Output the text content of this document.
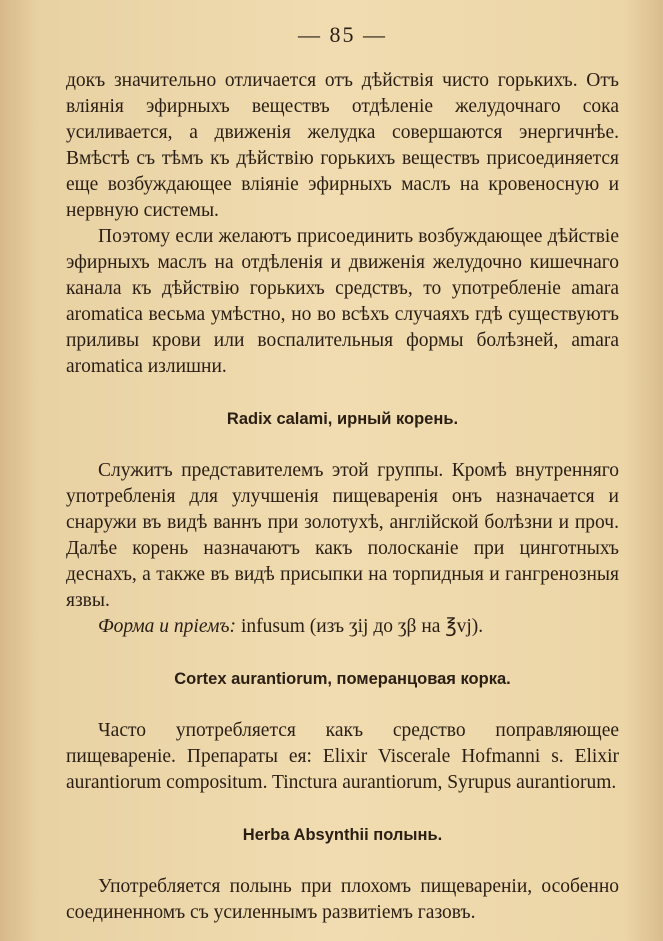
— 85 —

докъ значительно отличается отъ дѣйствія чисто горькихъ. Отъ вліянія эфирныхъ веществъ отдѣленіе желудочнаго сока усиливается, а движенія желудка совершаются энергичнѣе. Вмѣстѣ съ тѣмъ къ дѣйствію горькихъ веществъ присоединяется еще возбуждающее вліяніе эфирныхъ маслъ на кровеносную и нервную системы.

Поэтому если желаютъ присоединить возбуждающее дѣйствіе эфирныхъ маслъ на отдѣленія и движенія желудочно кишечнаго канала къ дѣйствію горькихъ средствъ, то употребленіе amara aromatica весьма умѣстно, но во всѣхъ случаяхъ гдѣ существуютъ приливы крови или воспалительныя формы болѣзней, amara aromatica излишни.

Radix calami, ирный корень.

Служитъ представителемъ этой группы. Кромѣ внутренняго употребленія для улучшенія пищеваренія онъ назначается и снаружи въ видѣ ваннъ при золотухѣ, англійской болѣзни и проч. Далѣе корень назначаютъ какъ полосканіе при цинготныхъ деснахъ, а также въ видѣ присыпки на торпидныя и гангренозныя язвы.

Форма и пріемъ: infusum (изъ ʒij до ʒβ на ℥vj).

Cortex aurantiorum, померанцовая корка.

Часто употребляется какъ средство поправляющее пищевареніе. Препараты ея: Elixir Viscerale Hofmanni s. Elixir aurantiorum compositum. Tinctura aurantiorum, Syrupus aurantiorum.

Herba Absynthii полынь.

Употребляется полынь при плохомъ пищевареніи, особенно соединенномъ съ усиленнымъ развитіемъ газовъ.
